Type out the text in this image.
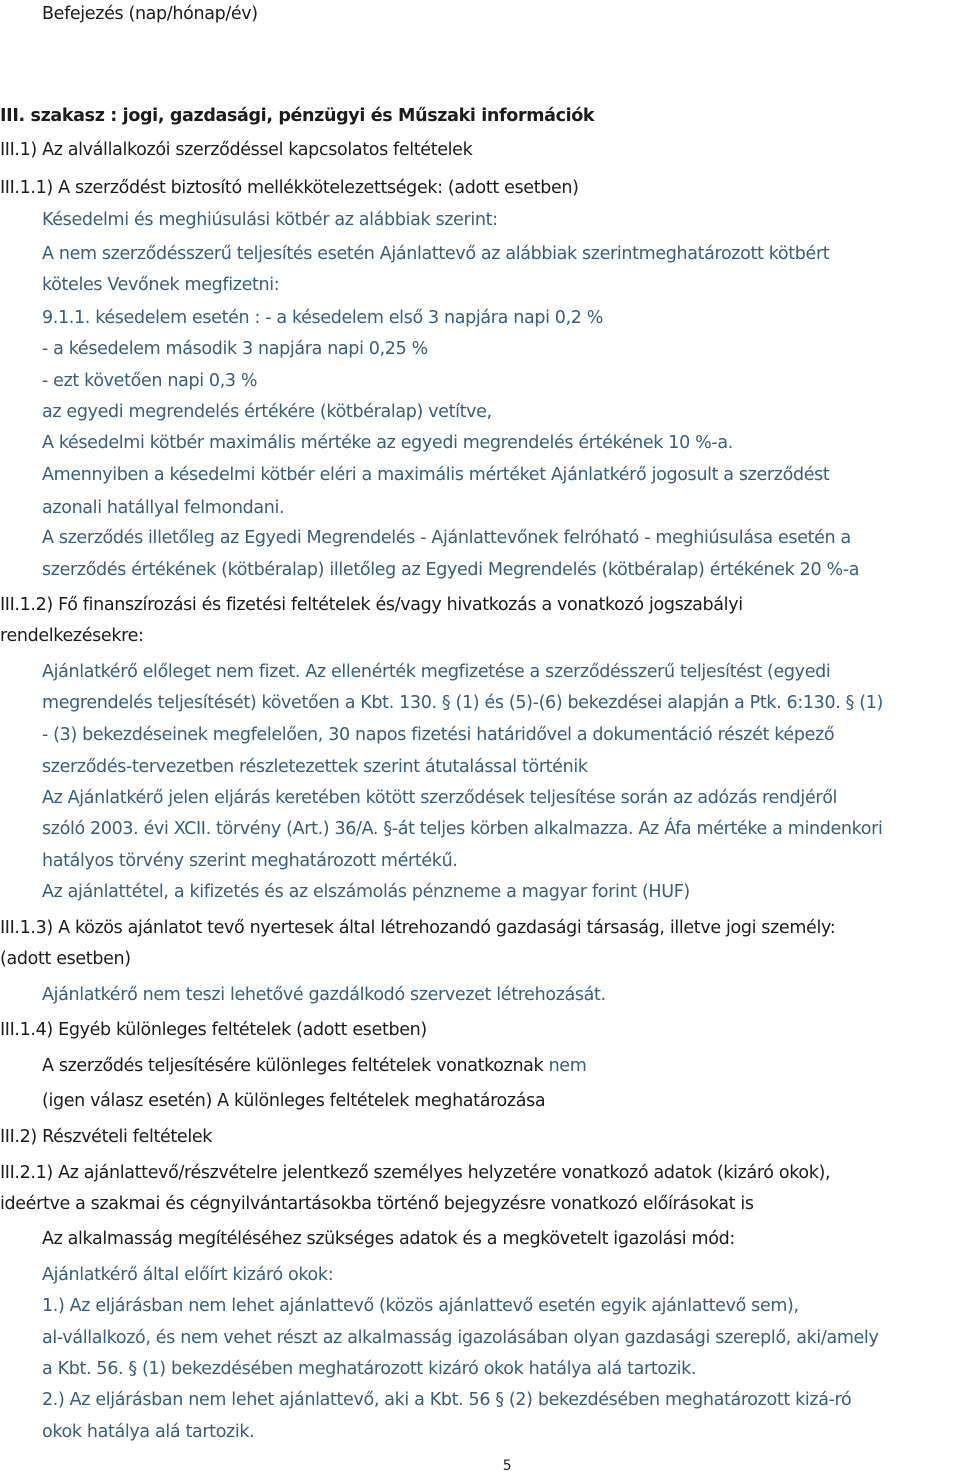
Befejezés (nap/hónap/év)
III. szakasz : jogi, gazdasági, pénzügyi és Műszaki információk
III.1) Az alvállalkozói szerződéssel kapcsolatos feltételek
III.1.1) A szerződést biztosító mellékkötelezettségek: (adott esetben)
Késedelmi és meghiúsulási kötbér az alábbiak szerint:
A nem szerződésszerű teljesítés esetén Ajánlattevő az alábbiak szerintmeghatározott kötbért
köteles Vevőnek megfizetni:
9.1.1. késedelem esetén : - a késedelem első 3 napjára napi 0,2 %
- a késedelem második 3 napjára napi 0,25 %
- ezt követően napi 0,3 %
az egyedi megrendelés értékére (kötbéralap) vetítve,
A késedelmi kötbér maximális mértéke az egyedi megrendelés értékének 10 %-a.
Amennyiben a késedelmi kötbér eléri a maximális mértéket Ajánlatkérő jogosult a szerződést
azonali hatállyal felmondani.
A szerződés illetőleg az Egyedi Megrendelés - Ajánlattevőnek felróható - meghiúsulása esetén a
szerződés értékének (kötbéralap) illetőleg az Egyedi Megrendelés (kötbéralap) értékének 20 %-a
III.1.2) Fő finanszírozási és fizetési feltételek és/vagy hivatkozás a vonatkozó jogszabályi
rendelkezésekre:
Ajánlatkérő előleget nem fizet. Az ellenérték megfizetése a szerződésszerű teljesítést (egyedi
megrendelés teljesítését) követően a Kbt. 130. § (1) és (5)-(6) bekezdései alapján a Ptk. 6:130. § (1)
- (3) bekezdéseinek megfelelően, 30 napos fizetési határidővel a dokumentáció részét képező
szerződés-tervezetben részletezettek szerint átutalással történik
Az Ajánlatkérő jelen eljárás keretében kötött szerződések teljesítése során az adózás rendjéről
szóló 2003. évi XCII. törvény (Art.) 36/A. §-át teljes körben alkalmazza. Az Áfa mértéke a mindenkori
hatályos törvény szerint meghatározott mértékű.
Az ajánlattétel, a kifizetés és az elszámolás pénzneme a magyar forint (HUF)
III.1.3) A közös ajánlatot tevő nyertesek által létrehozandó gazdasági társaság, illetve jogi személy:
(adott esetben)
Ajánlatkérő nem teszi lehetővé gazdálkodó szervezet létrehozását.
III.1.4) Egyéb különleges feltételek (adott esetben)
A szerződés teljesítésére különleges feltételek vonatkoznak nem
(igen válasz esetén) A különleges feltételek meghatározása
III.2) Részvételi feltételek
III.2.1) Az ajánlattevő/részvételre jelentkező személyes helyzetére vonatkozó adatok (kizáró okok),
ideértve a szakmai és cégnyilvántartásokba történő bejegyzésre vonatkozó előírásokat is
Az alkalmasság megítéléséhez szükséges adatok és a megkövetelt igazolási mód:
Ajánlatkérő által előírt kizáró okok:
1.) Az eljárásban nem lehet ajánlattevő (közös ajánlattevő esetén egyik ajánlattevő sem),
al-vállalkozó, és nem vehet részt az alkalmasság igazolásában olyan gazdasági szereplő, aki/amely
a Kbt. 56. § (1) bekezdésében meghatározott kizáró okok hatálya alá tartozik.
2.) Az eljárásban nem lehet ajánlattevő, aki a Kbt. 56 § (2) bekezdésében meghatározott kizá-ró
okok hatálya alá tartozik.
5
